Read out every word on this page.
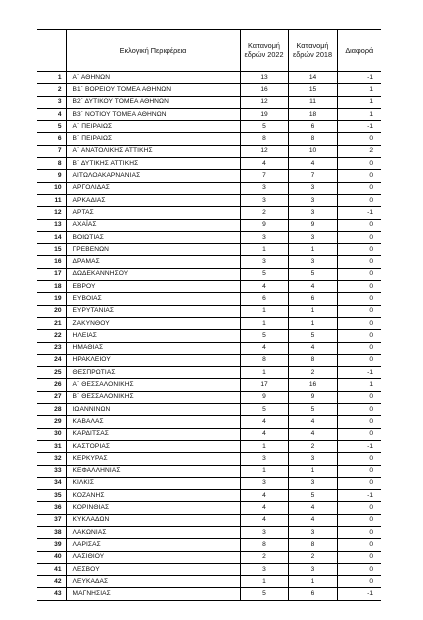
	Εκλογική Περιφέρεια	Κατανομή εδρών 2022	Κατανομή εδρών 2018	Διαφορά
1	Α΄ ΑΘΗΝΩΝ	13	14	-1
2	Β1΄ ΒΟΡΕΙΟΥ ΤΟΜΕΑ ΑΘΗΝΩΝ	16	15	1
3	Β2΄ ΔΥΤΙΚΟΥ ΤΟΜΕΑ ΑΘΗΝΩΝ	12	11	1
4	Β3΄ ΝΟΤΙΟΥ ΤΟΜΕΑ ΑΘΗΝΩΝ	19	18	1
5	Α΄ ΠΕΙΡΑΙΩΣ	5	6	-1
6	Β΄ ΠΕΙΡΑΙΩΣ	8	8	0
7	Α΄ ΑΝΑΤΟΛΙΚΗΣ ΑΤΤΙΚΗΣ	12	10	2
8	Β΄ ΔΥΤΙΚΗΣ ΑΤΤΙΚΗΣ	4	4	0
9	ΑΙΤΩΛΟΑΚΑΡΝΑΝΙΑΣ	7	7	0
10	ΑΡΓΟΛΙΔΑΣ	3	3	0
11	ΑΡΚΑΔΙΑΣ	3	3	0
12	ΑΡΤΑΣ	2	3	-1
13	ΑΧΑΪΑΣ	9	9	0
14	ΒΟΙΩΤΙΑΣ	3	3	0
15	ΓΡΕΒΕΝΩΝ	1	1	0
16	ΔΡΑΜΑΣ	3	3	0
17	ΔΩΔΕΚΑΝΝΗΣΟΥ	5	5	0
18	ΕΒΡΟΥ	4	4	0
19	ΕΥΒΟΙΑΣ	6	6	0
20	ΕΥΡΥΤΑΝΙΑΣ	1	1	0
21	ΖΑΚΥΝΘΟΥ	1	1	0
22	ΗΛΕΙΑΣ	5	5	0
23	ΗΜΑΘΙΑΣ	4	4	0
24	ΗΡΑΚΛΕΙΟΥ	8	8	0
25	ΘΕΣΠΡΩΤΙΑΣ	1	2	-1
26	Α΄ ΘΕΣΣΑΛΟΝΙΚΗΣ	17	16	1
27	Β΄ ΘΕΣΣΑΛΟΝΙΚΗΣ	9	9	0
28	ΙΩΑΝΝΙΝΩΝ	5	5	0
29	ΚΑΒΑΛΑΣ	4	4	0
30	ΚΑΡΔΙΤΣΑΣ	4	4	0
31	ΚΑΣΤΟΡΙΑΣ	1	2	-1
32	ΚΕΡΚΥΡΑΣ	3	3	0
33	ΚΕΦΑΛΛΗΝΙΑΣ	1	1	0
34	ΚΙΛΚΙΣ	3	3	0
35	ΚΟΖΑΝΗΣ	4	5	-1
36	ΚΟΡΙΝΘΙΑΣ	4	4	0
37	ΚΥΚΛΑΔΩΝ	4	4	0
38	ΛΑΚΩΝΙΑΣ	3	3	0
39	ΛΑΡΙΣΑΣ	8	8	0
40	ΛΑΣΙΘΙΟΥ	2	2	0
41	ΛΕΣΒΟΥ	3	3	0
42	ΛΕΥΚΑΔΑΣ	1	1	0
43	ΜΑΓΝΗΣΙΑΣ	5	6	-1
